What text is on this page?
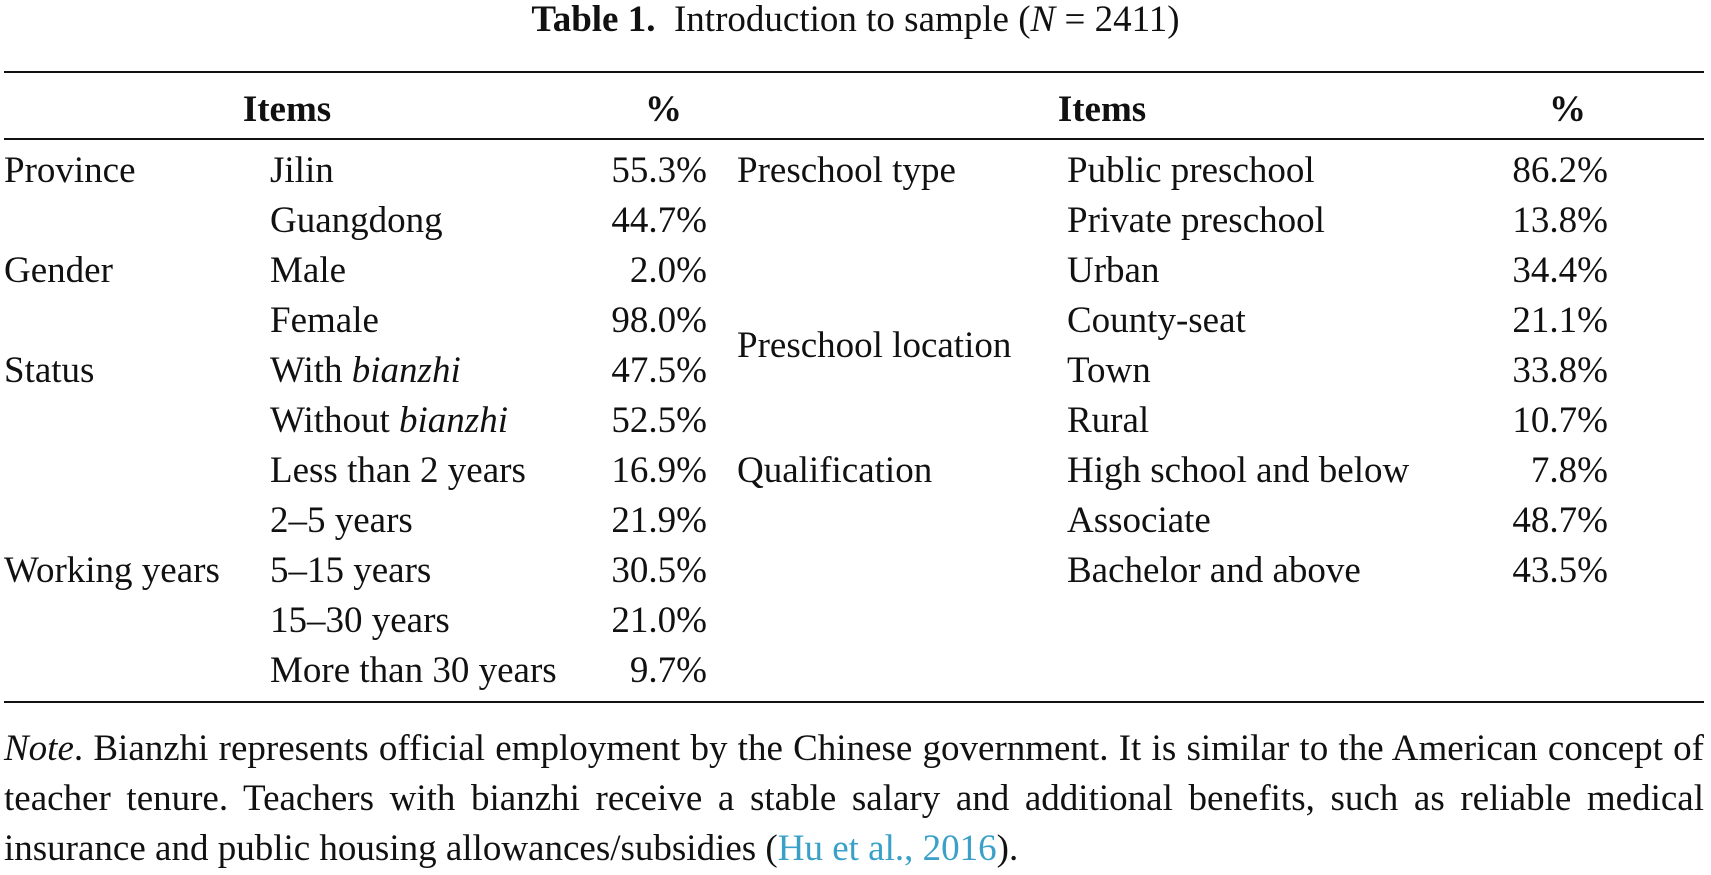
Table 1. Introduction to sample (N = 2411)
Items		%		Items		%

Province	Jilin	55.3%		Preschool type	Public preschool	86.2%
	Guangdong	44.7%			Private preschool	13.8%
Gender	Male	2.0%		Preschool location	Urban	34.4%
	Female	98.0%			County-seat	21.1%
Status	With bianzhi	47.5%			Town	33.8%
	Without bianzhi	52.5%			Rural	10.7%
Working years	Less than 2 years	16.9%		Qualification	High school and below	7.8%
	2–5 years	21.9%			Associate	48.7%
	5–15 years	30.5%			Bachelor and above	43.5%
	15–30 years	21.0%				
	More than 30 years	9.7%				
Note. Bianzhi represents official employment by the Chinese government. It is similar to the American concept of teacher tenure. Teachers with bianzhi receive a stable salary and additional benefits, such as reliable medical insurance and public housing allowances/subsidies (Hu et al., 2016).
